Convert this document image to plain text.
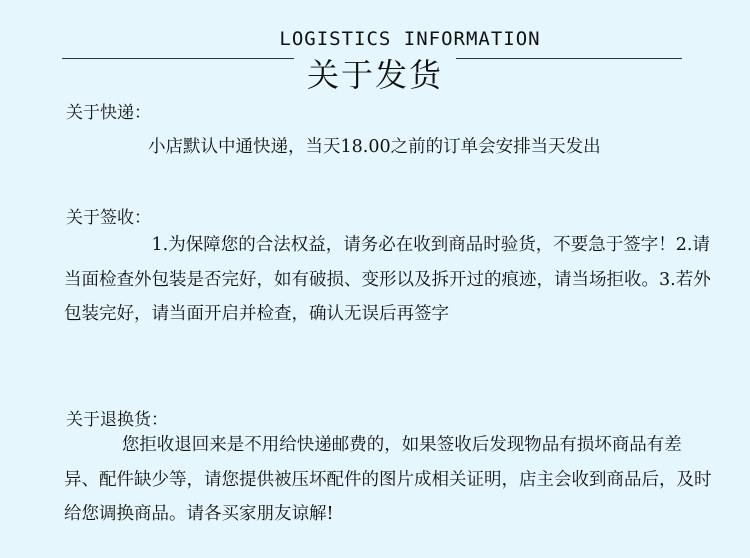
LOGISTICS INFORMATION
关于发货
关于快递：
小店默认中通快递，当天18.00之前的订单会安排当天发出
关于签收：

1.为保障您的合法权益，请务必在收到商品时验货，不要急于签字！2.请当面检查外包装是否完好，如有破损、变形以及拆开过的痕迹，请当场拒收。3.若外包装完好，请当面开启并检查，确认无误后再签字

关于退换货：

您拒收退回来是不用给快递邮费的，如果签收后发现物品有损坏商品有差异、配件缺少等，请您提供被压坏配件的图片成相关证明，店主会收到商品后，及时给您调换商品。请各买家朋友谅解!
